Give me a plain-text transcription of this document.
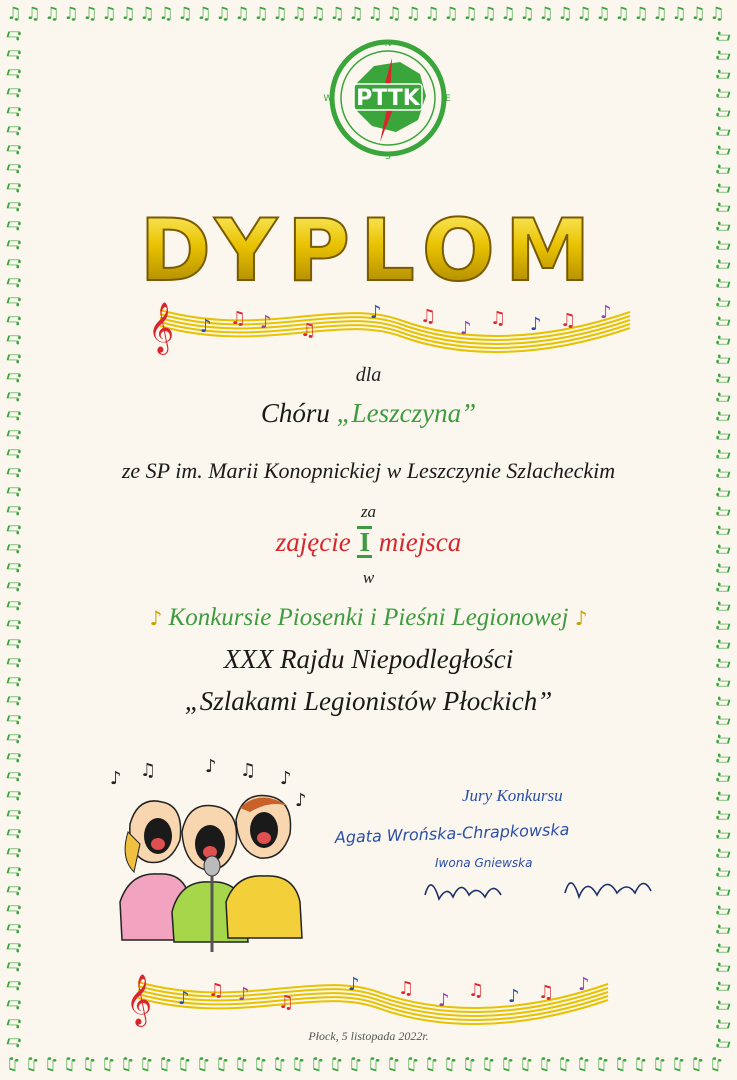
♫
♫
♫
♫
♫
♫
♫
♫
♫
♫
♫
♫
♫
♫
♫
♫
♫
♫
♫
♫
♫
♫
♫
♫
♫
♫
♫
♫
♫
♫
♫
♫
♫
♫
♫
♫
♫
♫
♫
♫
♫
♫
♫
♫
♫
♫
♫
♫
♫
♫
♫
♫
♫
♫
♫
♫
♫
♫
♫
♫
♫
♫
♫
♫
♫
♫
♫
♫
♫
♫
♫
♫
♫
♫
♫
♫
♫	♫
♫	♫
♫	♫
♫	♫
♫	♫
♫	♫
♫	♫
♫	♫
♫	♫
♫	♫
♫	♫
♫	♫
♫	♫
♫	♫
♫	♫
♫	♫
♫	♫
♫	♫
♫	♫
♫	♫
♫	♫
♫	♫
♫	♫
♫	♫
♫	♫
♫	♫
♫	♫
♫	♫
♫	♫
♫	♫
♫	♫
♫	♫
♫	♫
♫	♫
♫	♫
♫	♫
♫	♫
♫	♫
♫	♫
♫	♫
♫	♫
♫	♫
♫	♫
♫	♫
♫	♫
♫	♫
♫	♫
♫	♫
♫	♫
♫	♫
♫	♫
♫	♫
♫	♫
♫	♫
PTTK
N
S
E
W
DYPLOM
𝄞 ♪ ♫ ♪ ♫
♪ ♫
♪ ♫ ♪ ♫ ♪
dla
Chóru „Leszczyna”
ze SP im. Marii Konopnickiej w Leszczynie Szlacheckim
za
zajęcie I miejsca
w
♪ Konkursie Piosenki i Pieśni Legionowej ♪
XXX Rajdu Niepodległości
„Szlakami Legionistów Płockich”
♪ ♫	♪ ♫ ♪
♪	Jury Konkursu
Agata Wrońska-Chrapkowska
Iwona Gniewska
𝄞 ♪ ♫ ♪ ♫
♪ ♫
♪ ♫ ♪ ♫ ♪
Płock, 5 listopada 2022r.
